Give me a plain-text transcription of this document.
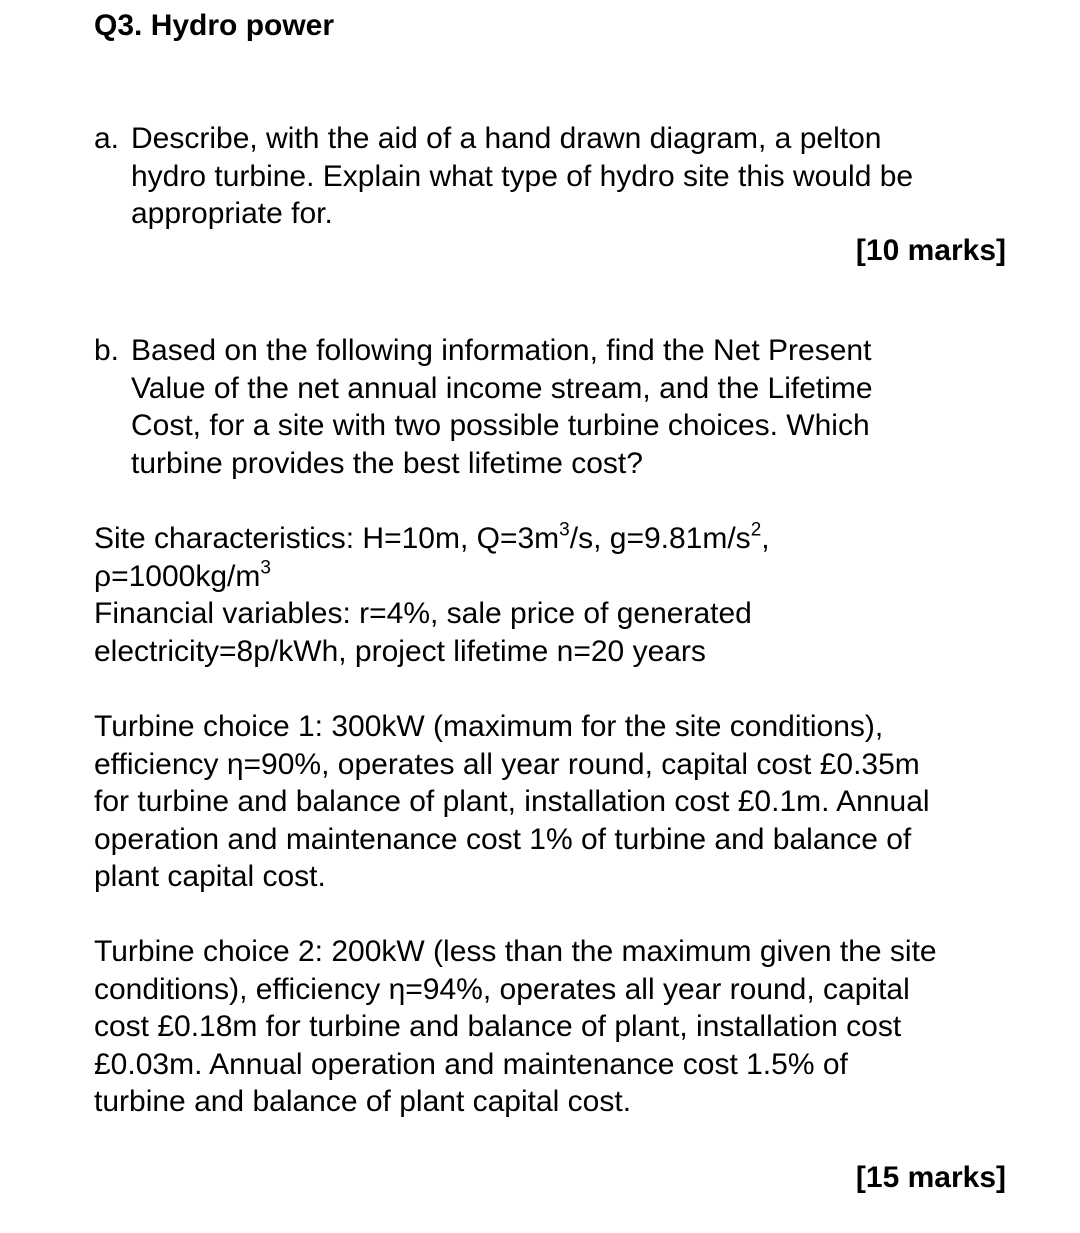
Q3. Hydro power
a. Describe, with the aid of a hand drawn diagram, a pelton
hydro turbine. Explain what type of hydro site this would be
appropriate for.
[10 marks]
b. Based on the following information, find the Net Present
Value of the net annual income stream, and the Lifetime
Cost, for a site with two possible turbine choices. Which
turbine provides the best lifetime cost?
Site characteristics: H=10m, $Q=3m^3/s$, $g=9.81m/s^2$,
$\rho=1000kg/m^3$
Financial variables: r=4%, sale price of generated
electricity=8p/kWh, project lifetime n=20 years
Turbine choice 1: 300kW (maximum for the site conditions),
efficiency η=90%, operates all year round, capital cost £0.35m
for turbine and balance of plant, installation cost £0.1m. Annual
operation and maintenance cost 1% of turbine and balance of
plant capital cost.
Turbine choice 2: 200kW (less than the maximum given the site
conditions), efficiency η=94%, operates all year round, capital
cost £0.18m for turbine and balance of plant, installation cost
£0.03m. Annual operation and maintenance cost 1.5% of
turbine and balance of plant capital cost.
[15 marks]
